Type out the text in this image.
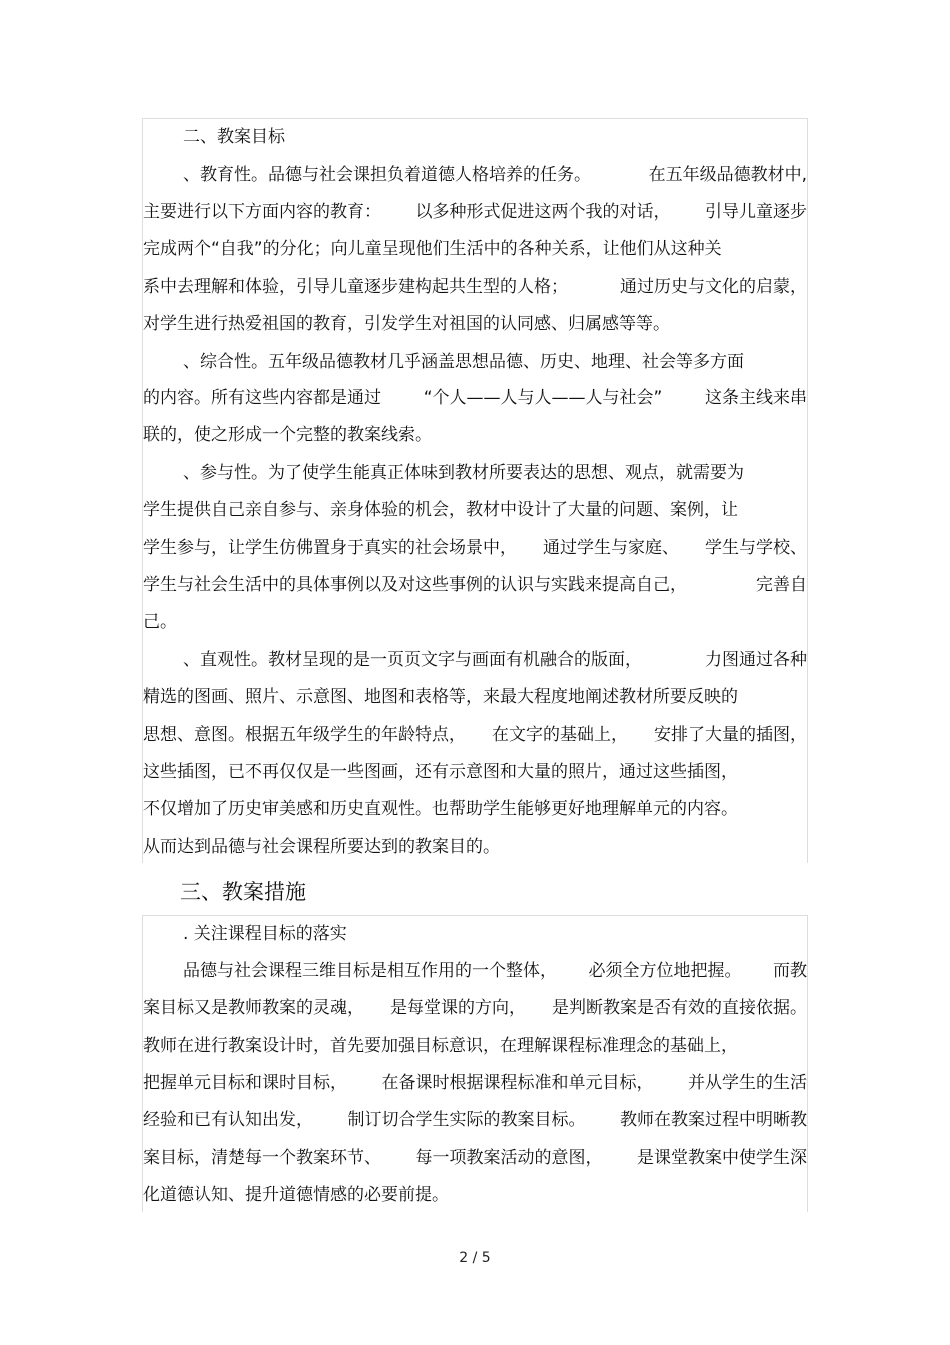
二、教案目标

、教育性。品德与社会课担负着道德人格培养的任务。	在五年级品德教材中,
主要进行以下方面内容的教育： 以多种形式促进这两个我的对话， 引导儿童逐步

完成两个“自我”的分化；向儿童呈现他们生活中的各种关系，让他们从这种关

系中去理解和体验，引导儿童逐步建构起共生型的人格；	通过历史与文化的启蒙，

对学生进行热爱祖国的教育，引发学生对祖国的认同感、归属感等等。

、综合性。五年级品德教材几乎涵盖思想品德、历史、地理、社会等多方面

的内容。所有这些内容都是通过	“个人——人与人——人与社会”	这条主线来串

联的，使之形成一个完整的教案线索。

、参与性。为了使学生能真正体味到教材所要表达的思想、观点，就需要为

学生提供自己亲自参与、亲身体验的机会，教材中设计了大量的问题、案例，让

学生参与，让学生仿佛置身于真实的社会场景中， 通过学生与家庭、 学生与学校、
学生与社会生活中的具体事例以及对这些事例的认识与实践来提高自己，	完善自

己。

、直观性。教材呈现的是一页页文字与画面有机融合的版面，	力图通过各种

精选的图画、照片、示意图、地图和表格等，来最大程度地阐述教材所要反映的

思想、意图。根据五年级学生的年龄特点， 在文字的基础上， 安排了大量的插图，

这些插图，已不再仅仅是一些图画，还有示意图和大量的照片，通过这些插图，

不仅增加了历史审美感和历史直观性。也帮助学生能够更好地理解单元的内容。

从而达到品德与社会课程所要达到的教案目的。

三、教案措施

. 关注课程目标的落实

品德与社会课程三维目标是相互作用的一个整体， 必须全方位地把握。 而教
案目标又是教师教案的灵魂， 是每堂课的方向， 是判断教案是否有效的直接依据。

教师在进行教案设计时，首先要加强目标意识，在理解课程标准理念的基础上，

把握单元目标和课时目标， 在备课时根据课程标准和单元目标， 并从学生的生活
经验和已有认知出发， 制订切合学生实际的教案目标。 教师在教案过程中明晰教
案目标，清楚每一个教案环节、 每一项教案活动的意图， 是课堂教案中使学生深

化道德认知、提升道德情感的必要前提。

2 / 5
